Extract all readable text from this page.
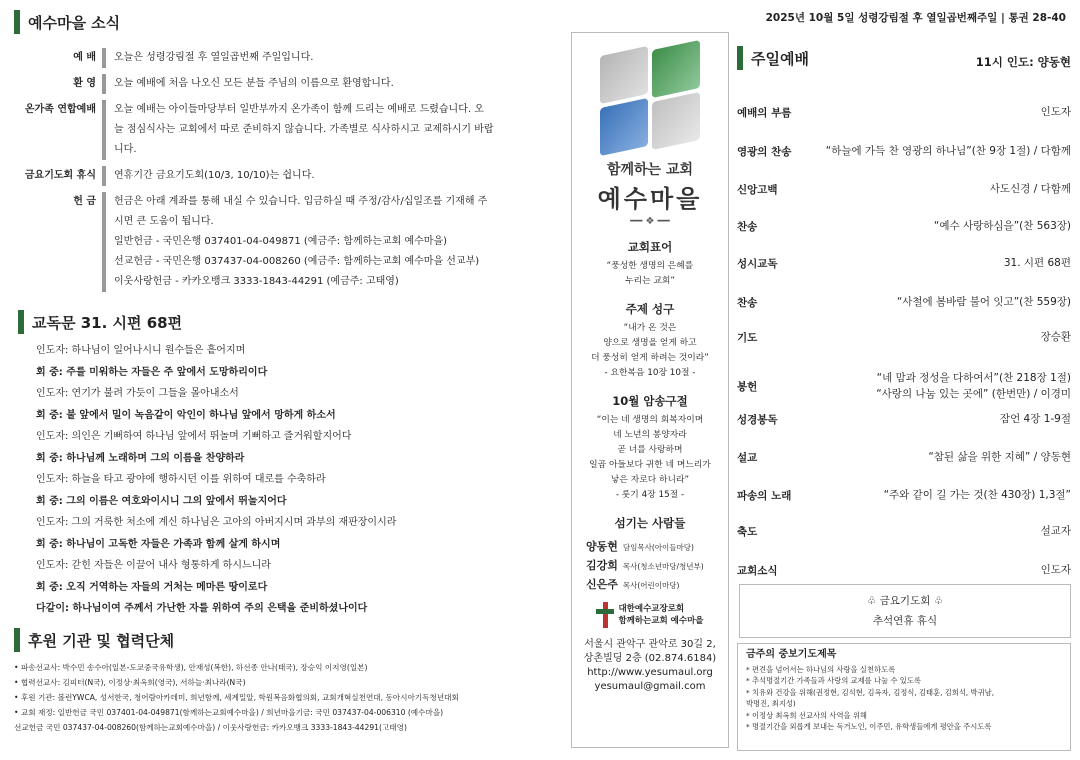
2025년 10월 5일 성령강림절 후 열일곱번째주일 | 통권 28-40
예수마을 소식
예 배	오늘은 성령강림절 후 열일곱번째 주일입니다.
환 영	오늘 예배에 처음 나오신 모든 분들 주님의 이름으로 환영합니다.
온가족 연합예배	오늘 예배는 아이들마당부터 일반부까지 온가족이 함께 드리는 예배로 드렸습니다. 오
늘 점심식사는 교회에서 따로 준비하지 않습니다. 가족별로 식사하시고 교제하시기 바랍
니다.
금요기도회 휴식	연휴기간 금요기도회(10/3, 10/10)는 쉽니다.
헌 금	헌금은 아래 계좌를 통해 내실 수 있습니다. 입금하실 때 주정/감사/십일조를 기재해 주
시면 큰 도움이 됩니다.
일반헌금 - 국민은행 037401-04-049871 (예금주: 함께하는교회 예수마을)
선교헌금 - 국민은행 037437-04-008260 (예금주: 함께하는교회 예수마을 선교부)
이웃사랑헌금 - 카카오뱅크 3333-1843-44291 (예금주: 고태영)
교독문 31. 시편 68편
인도자: 하나님이 일어나시니 원수들은 흩어지며
회 중: 주를 미워하는 자들은 주 앞에서 도망하리이다
인도자: 연기가 불려 가듯이 그들을 몰아내소서
회 중: 불 앞에서 밀이 녹음같이 악인이 하나님 앞에서 망하게 하소서
인도자: 의인은 기뻐하여 하나님 앞에서 뛰놀며 기뻐하고 즐거워할지어다
회 중: 하나님께 노래하며 그의 이름을 찬양하라
인도자: 하늘을 타고 광야에 행하시던 이를 위하여 대로를 수축하라
회 중: 그의 이름은 여호와이시니 그의 앞에서 뛰놀지어다
인도자: 그의 거룩한 처소에 계신 하나님은 고아의 아버지시며 과부의 재판장이시라
회 중: 하나님이 고독한 자들은 가족과 함께 살게 하시며
인도자: 갇힌 자들은 이끌어 내사 형통하게 하시느니라
회 중: 오직 거역하는 자들의 거처는 메마른 땅이로다
다같이: 하나님이여 주께서 가난한 자를 위하여 주의 은택을 준비하셨나이다
후원 기관 및 협력단체
• 파송선교사: 박수민 송수아(일본-도쿄중국유학생), 안재성(복한), 하선종 안나(태국), 장승익 이지영(일본)
• 협력선교사: 김피터(N국), 이정상·최옥희(영국), 서하늘·최나라(N국)
• 후원 기관: 볼런YWCA, 성서한국, 청어람아카데미, 희년함께, 세계밀알, 학원복음화협의회, 교회개혁실천연대, 동아시아기독청년대회
• 교회 재정: 일반헌금 국민 037401-04-049871(함께하는교회예수마을) / 희년마을기금: 국민 037437-04-006310 (예수마을)
선교헌금 국민 037437-04-008260(함께하는교회예수마을) / 이웃사랑헌금: 카카오뱅크 3333-1843-44291(고태영)
함께하는 교회
예수마을
━━ ❖ ━━
교회표어
“풍성한 생명의 은혜를
누리는 교회”
주제 성구
“내가 온 것은
양으로 생명을 얻게 하고
더 풍성히 얻게 하려는 것이라”
- 요한복음 10장 10절 -
10월 암송구절
“이는 네 생명의 회복자이며
네 노년의 봉양자라
곧 너를 사랑하며
일곱 아들보다 귀한 네 며느리가
낳은 자로다 하니라”
- 룻기 4장 15절 -
섬기는 사람들
양동현 담임목사(아이들마당)
김강희 목사(청소년마당/청년부)
신은주 목사(어린이마당)
대한예수교장로회
함께하는교회 예수마을
서울시 관악구 관악로 30길 2,
상촌빌딩 2층 (02.874.6184)
http://www.yesumaul.org
yesumaul@gmail.com
주일예배	11시 인도: 양동현
예배의 부름	인도자
영광의 찬송	“하늘에 가득 찬 영광의 하나님”(찬 9장 1절) / 다함께
신앙고백	사도신경 / 다함께
찬송	“예수 사랑하심을”(찬 563장)
성시교독	31. 시편 68편
찬송	“사철에 봄바람 불어 잇고”(찬 559장)
기도	장승환
봉헌
“네 맘과 정성을 다하여서”(찬 218장 1절)
“사랑의 나눔 있는 곳에” (한번만) / 이경미
성경봉독	잠언 4장 1-9절
설교	“참된 삶을 위한 지혜” / 양동현
파송의 노래	“주와 같이 길 가는 것(찬 430장) 1,3절”
축도	설교자
교회소식	인도자
♧ 금요기도회 ♧
추석연휴 휴식
금주의 중보기도제목
* 편견을 넘어서는 하나님의 사랑을 실천하도록
* 추석명절기간 가족들과 사랑의 교제를 나눌 수 있도록
* 치유와 건강을 위해(권정현, 김석현, 김옥자, 김정식, 김태훈, 김희석, 박귀남,
박명진, 최지성)
* 이정상 최옥희 선교사의 사역을 위해
* 명절기간을 외롭게 보내는 독거노인, 이주민, 유학생들에게 평안을 주시도록
